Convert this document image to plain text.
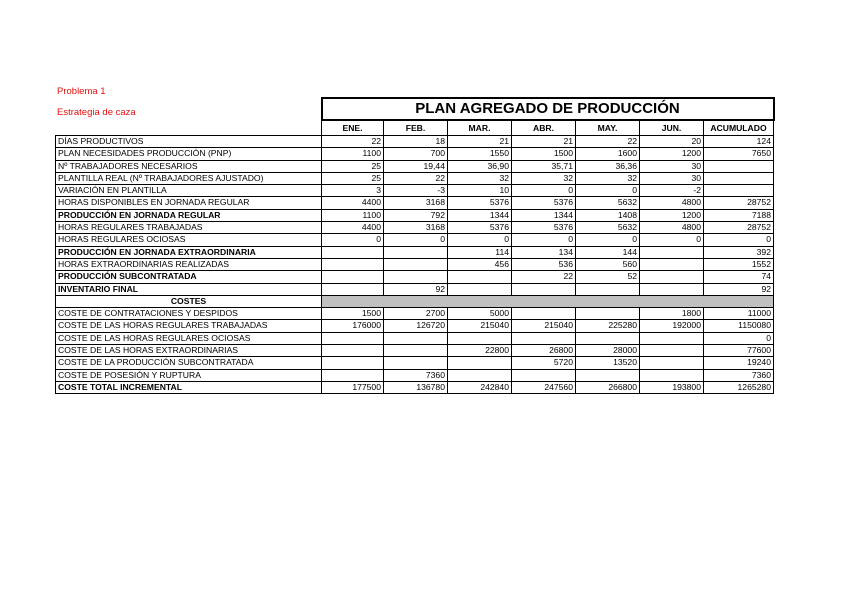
Problema 1
Estrategia de caza
		PLAN AGREGADO DE PRODUCCIÓN						
	ENE.	FEB.	MAR.	ABR.	MAY.	JUN.	ACUMULADO
DÍAS PRODUCTIVOS	22	18	21	21	22	20	124
PLAN NECESIDADES PRODUCCIÓN (PNP)	1100	700	1550	1500	1600	1200	7650
Nº TRABAJADORES NECESARIOS	25	19,44	36,90	35,71	36,36	30	
PLANTILLA REAL (Nº TRABAJADORES AJUSTADO)	25	22	32	32	32	30	
VARIACIÓN EN PLANTILLA	3	-3	10	0	0	-2	
HORAS DISPONIBLES EN JORNADA REGULAR	4400	3168	5376	5376	5632	4800	28752
PRODUCCIÓN EN JORNADA REGULAR	1100	792	1344	1344	1408	1200	7188
HORAS REGULARES TRABAJADAS	4400	3168	5376	5376	5632	4800	28752
HORAS REGULARES OCIOSAS	0	0	0	0	0	0	0
PRODUCCIÓN EN JORNADA EXTRAORDINARIA			114	134	144		392
HORAS EXTRAORDINARIAS REALIZADAS			456	536	560		1552
PRODUCCIÓN SUBCONTRATADA				22	52		74
INVENTARIO FINAL		92					92
COSTES							
COSTE DE CONTRATACIONES Y DESPIDOS	1500	2700	5000			1800	11000
COSTE DE LAS HORAS REGULARES TRABAJADAS	176000	126720	215040	215040	225280	192000	1150080
COSTE DE LAS HORAS REGULARES OCIOSAS							0
COSTE DE LAS HORAS EXTRAORDINARIAS			22800	26800	28000		77600
COSTE DE LA PRODUCCIÓN SUBCONTRATADA				5720	13520		19240
COSTE DE POSESIÓN Y RUPTURA		7360					7360
COSTE TOTAL INCREMENTAL	177500	136780	242840	247560	266800	193800	1265280
